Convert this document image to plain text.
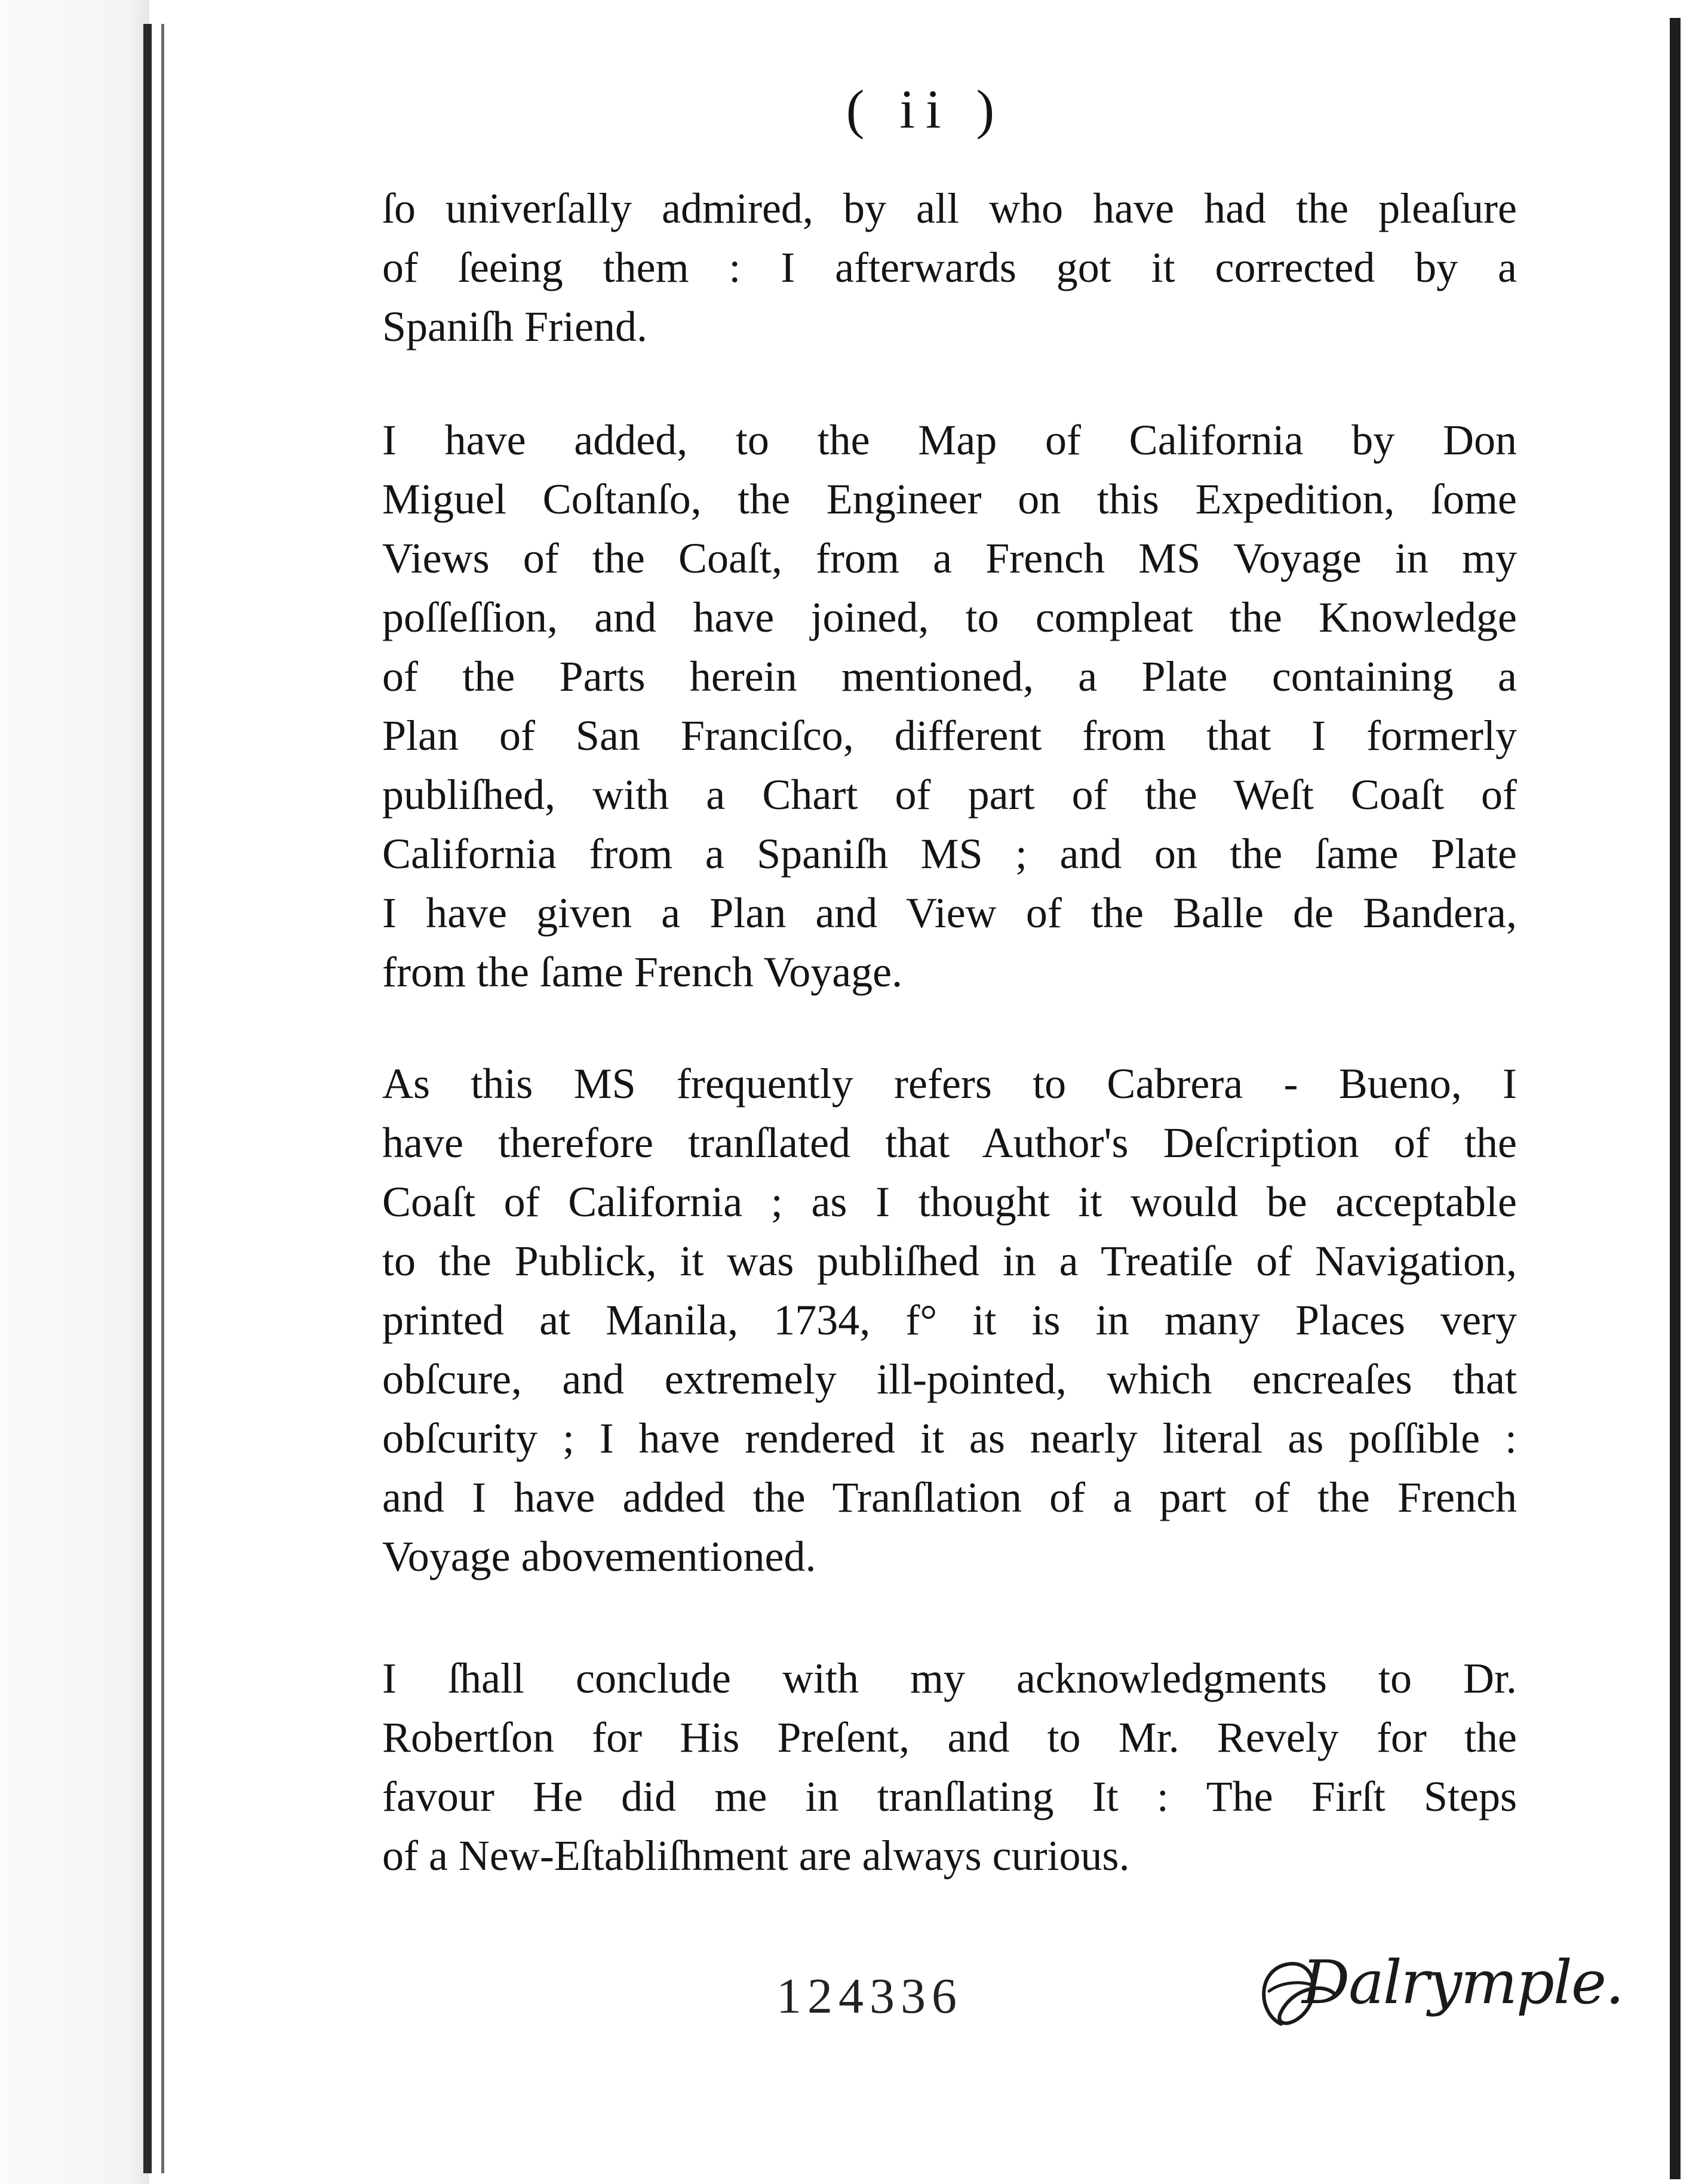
( ii )
ſo univerſally admired, by all who have had the pleaſure
of ſeeing them : I afterwards got it corrected by a
Spaniſh Friend.
I have added, to the Map of California by Don
Miguel Coſtanſo, the Engineer on this Expedition, ſome
Views of the Coaſt, from a French MS Voyage in my
poſſeſſion, and have joined, to compleat the Knowledge
of the Parts herein mentioned, a Plate containing a
Plan of San Franciſco, different from that I formerly
publiſhed, with a Chart of part of the Weſt Coaſt of
California from a Spaniſh MS ; and on the ſame Plate
I have given a Plan and View of the Balle de Bandera,
from the ſame French Voyage.
As this MS frequently refers to Cabrera - Bueno, I
have therefore tranſlated that Author's Deſcription of the
Coaſt of California ; as I thought it would be acceptable
to the Publick, it was publiſhed in a Treatiſe of Navigation,
printed at Manila, 1734, f° it is in many Places very
obſcure, and extremely ill-pointed, which encreaſes that
obſcurity ; I have rendered it as nearly literal as poſſible :
and I have added the Tranſlation of a part of the French
Voyage abovementioned.
I ſhall conclude with my acknowledgments to Dr.
Robertſon for His Preſent, and to Mr. Revely for the
favour He did me in tranſlating It : The Firſt Steps
of a New-Eſtabliſhment are always curious.
124336	Dalrymple.
